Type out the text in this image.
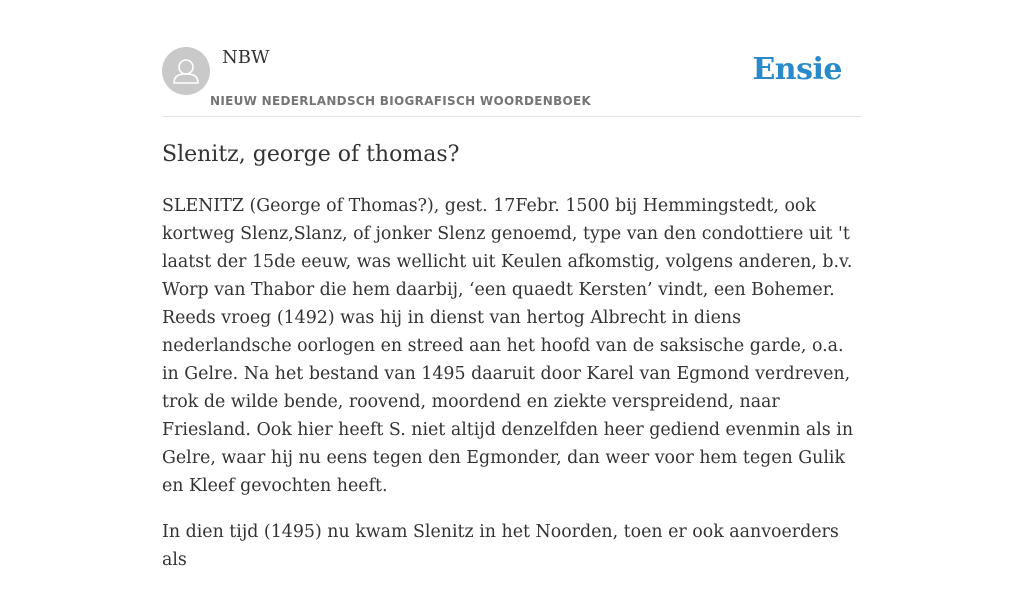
NBW
NIEUW NEDERLANDSCH BIOGRAFISCH WOORDENBOEK
Ensie
Slenitz, george of thomas?

SLENITZ (George of Thomas?), gest. 17Febr. 1500 bij Hemmingstedt, ook kortweg Slenz,Slanz, of jonker Slenz genoemd, type van den condottiere uit 't laatst der 15de eeuw, was wellicht uit Keulen afkomstig, volgens anderen, b.v. Worp van Thabor die hem daarbij, ‘een quaedt Kersten’ vindt, een Bohemer. Reeds vroeg (1492) was hij in dienst van hertog Albrecht in diens nederlandsche oorlogen en streed aan het hoofd van de saksische garde, o.a. in Gelre. Na het bestand van 1495 daaruit door Karel van Egmond verdreven, trok de wilde bende, roovend, moordend en ziekte verspreidend, naar Friesland. Ook hier heeft S. niet altijd denzelfden heer gediend evenmin als in Gelre, waar hij nu eens tegen den Egmonder, dan weer voor hem tegen Gulik en Kleef gevochten heeft.

In dien tijd (1495) nu kwam Slenitz in het Noorden, toen er ook aanvoerders als
